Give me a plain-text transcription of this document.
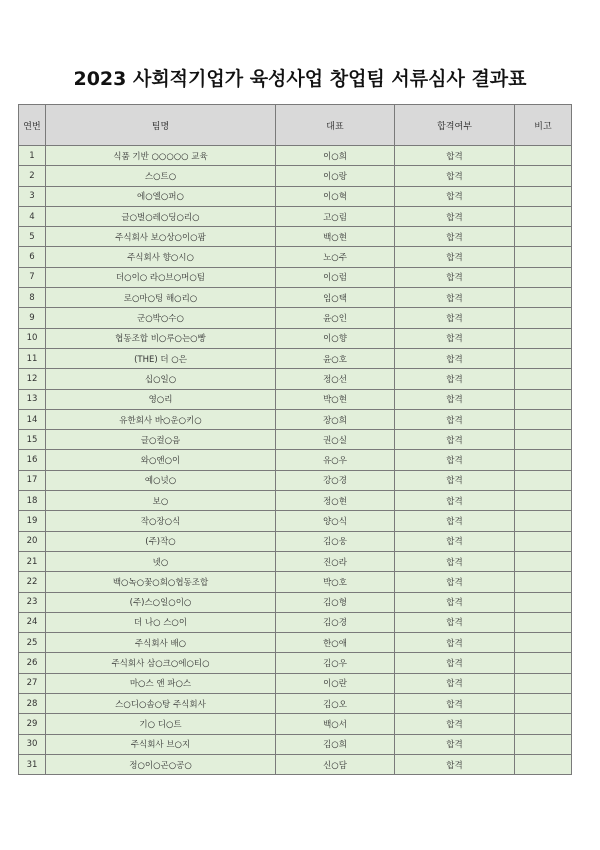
2023 사회적기업가 육성사업 창업팀 서류심사 결과표
연번	팀명	대표	합격여부	비고
1	식품 기반 ○○○○○ 교육	이○희	합격	
2	스○트○	이○랑	합격	
3	에○엘○퍼○	이○혁	합격	
4	글○벌○레○딩○리○	고○림	합격	
5	주식회사 보○상○이○팜	백○현	합격	
6	주식회사 향○시○	노○주	합격	
7	더○이○ 라○브○머○팀	이○럼	합격	
8	로○마○팅 해○리○	임○택	합격	
9	군○박○수○	윤○인	합격	
10	협동조합 비○루○는○빵	이○향	합격	
11	(THE) 더 ○은	윤○호	합격	
12	십○일○	정○선	합격	
13	영○리	박○현	합격	
14	유한회사 바○운○키○	장○희	합격	
15	글○컬○음	권○실	합격	
16	와○앤○이	유○우	합격	
17	예○넛○	강○경	합격	
18	보○	정○현	합격	
19	작○장○식	양○식	합격	
20	(주)작○	김○웅	합격	
21	넷○	진○라	합격	
22	백○녹○꽃○회○협동조합	박○호	합격	
23	(주)스○일○이○	김○형	합격	
24	더 나○ 스○이	김○경	합격	
25	주식회사 배○	한○애	합격	
26	주식회사 삼○크○에○티○	김○우	합격	
27	마○스 앤 파○스	이○란	합격	
28	스○디○솜○탕 주식회사	김○오	합격	
29	기○ 디○트	백○서	합격	
30	주식회사 브○지	김○희	합격	
31	정○이○곤○공○	신○담	합격	
